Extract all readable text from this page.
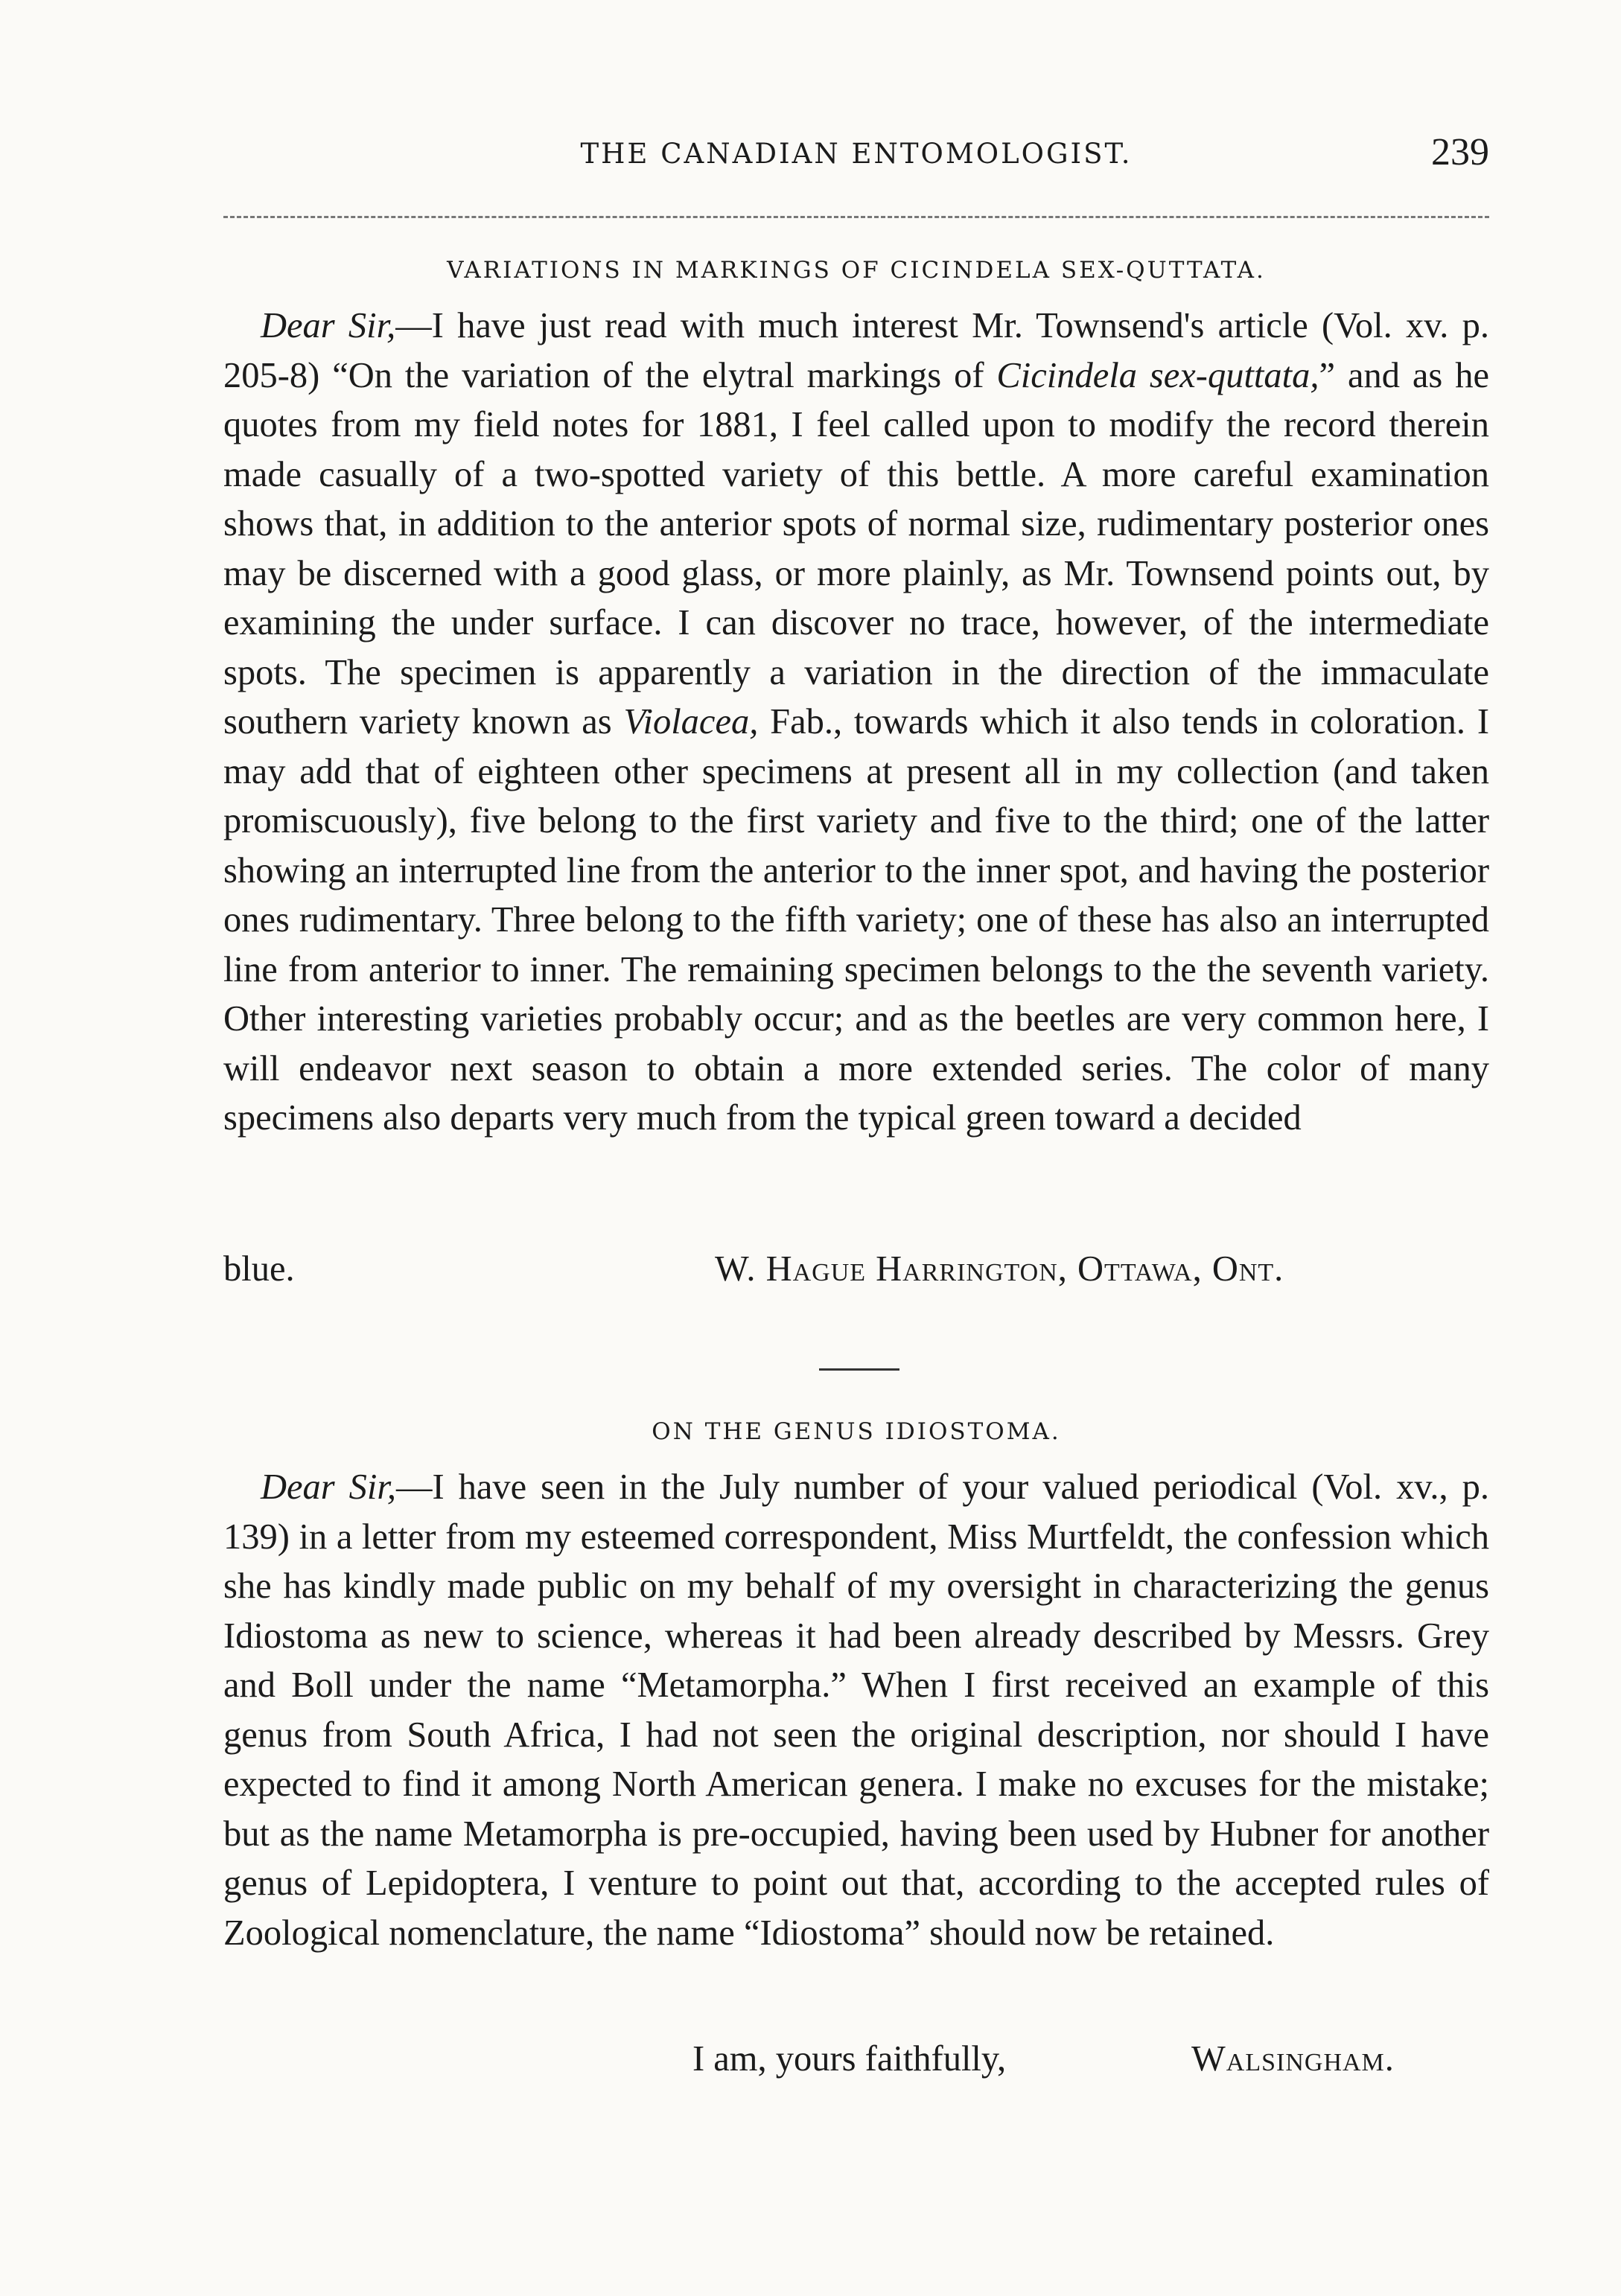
THE CANADIAN ENTOMOLOGIST.	239
VARIATIONS IN MARKINGS OF CICINDELA SEX-QUTTATA.

Dear Sir,—I have just read with much interest Mr. Townsend's article (Vol. xv. p. 205-8) “On the variation of the elytral markings of Cicindela sex-quttata,” and as he quotes from my field notes for 1881, I feel called upon to modify the record therein made casually of a two-spotted variety of this bettle. A more careful examination shows that, in addition to the anterior spots of normal size, rudimentary posterior ones may be discerned with a good glass, or more plainly, as Mr. Townsend points out, by examining the under surface. I can discover no trace, however, of the intermediate spots. The specimen is apparently a variation in the direction of the immaculate southern variety known as Violacea, Fab., towards which it also tends in coloration. I may add that of eighteen other specimens at present all in my collection (and taken promiscuously), five belong to the first variety and five to the third; one of the latter showing an interrupted line from the anterior to the inner spot, and having the posterior ones rudimentary. Three belong to the fifth variety; one of these has also an interrupted line from anterior to inner. The remaining specimen belongs to the the seventh variety. Other interesting varieties probably occur; and as the beetles are very common here, I will endeavor next season to obtain a more extended series. The color of many specimens also departs very much from the typical green toward a decided

blue.	W. Hague Harrington, Ottawa, Ont.
ON THE GENUS IDIOSTOMA.

Dear Sir,—I have seen in the July number of your valued periodical (Vol. xv., p. 139) in a letter from my esteemed correspondent, Miss Murtfeldt, the confession which she has kindly made public on my behalf of my oversight in characterizing the genus Idiostoma as new to science, whereas it had been already described by Messrs. Grey and Boll under the name “Metamorpha.” When I first received an example of this genus from South Africa, I had not seen the original description, nor should I have expected to find it among North American genera. I make no excuses for the mistake; but as the name Metamorpha is pre-occupied, having been used by Hubner for another genus of Lepidoptera, I venture to point out that, according to the accepted rules of Zoological nomenclature, the name “Idiostoma” should now be retained.

I am, yours faithfully,	Walsingham.
